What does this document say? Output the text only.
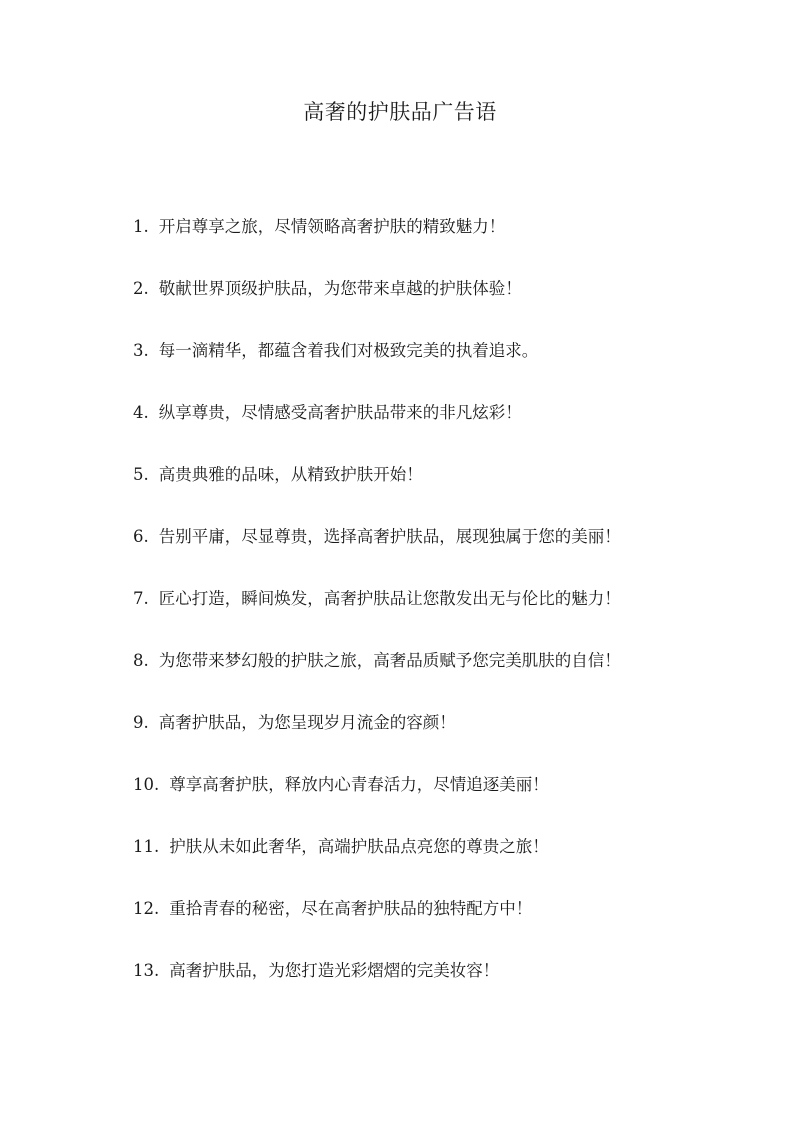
高奢的护肤品广告语
1. 开启尊享之旅，尽情领略高奢护肤的精致魅力！
2. 敬献世界顶级护肤品，为您带来卓越的护肤体验！
3. 每一滴精华，都蕴含着我们对极致完美的执着追求。
4. 纵享尊贵，尽情感受高奢护肤品带来的非凡炫彩！
5. 高贵典雅的品味，从精致护肤开始！
6. 告别平庸，尽显尊贵，选择高奢护肤品，展现独属于您的美丽！
7. 匠心打造，瞬间焕发，高奢护肤品让您散发出无与伦比的魅力！
8. 为您带来梦幻般的护肤之旅，高奢品质赋予您完美肌肤的自信！
9. 高奢护肤品，为您呈现岁月流金的容颜！
10. 尊享高奢护肤，释放内心青春活力，尽情追逐美丽！
11. 护肤从未如此奢华，高端护肤品点亮您的尊贵之旅！
12. 重拾青春的秘密，尽在高奢护肤品的独特配方中！
13. 高奢护肤品，为您打造光彩熠熠的完美妆容！
